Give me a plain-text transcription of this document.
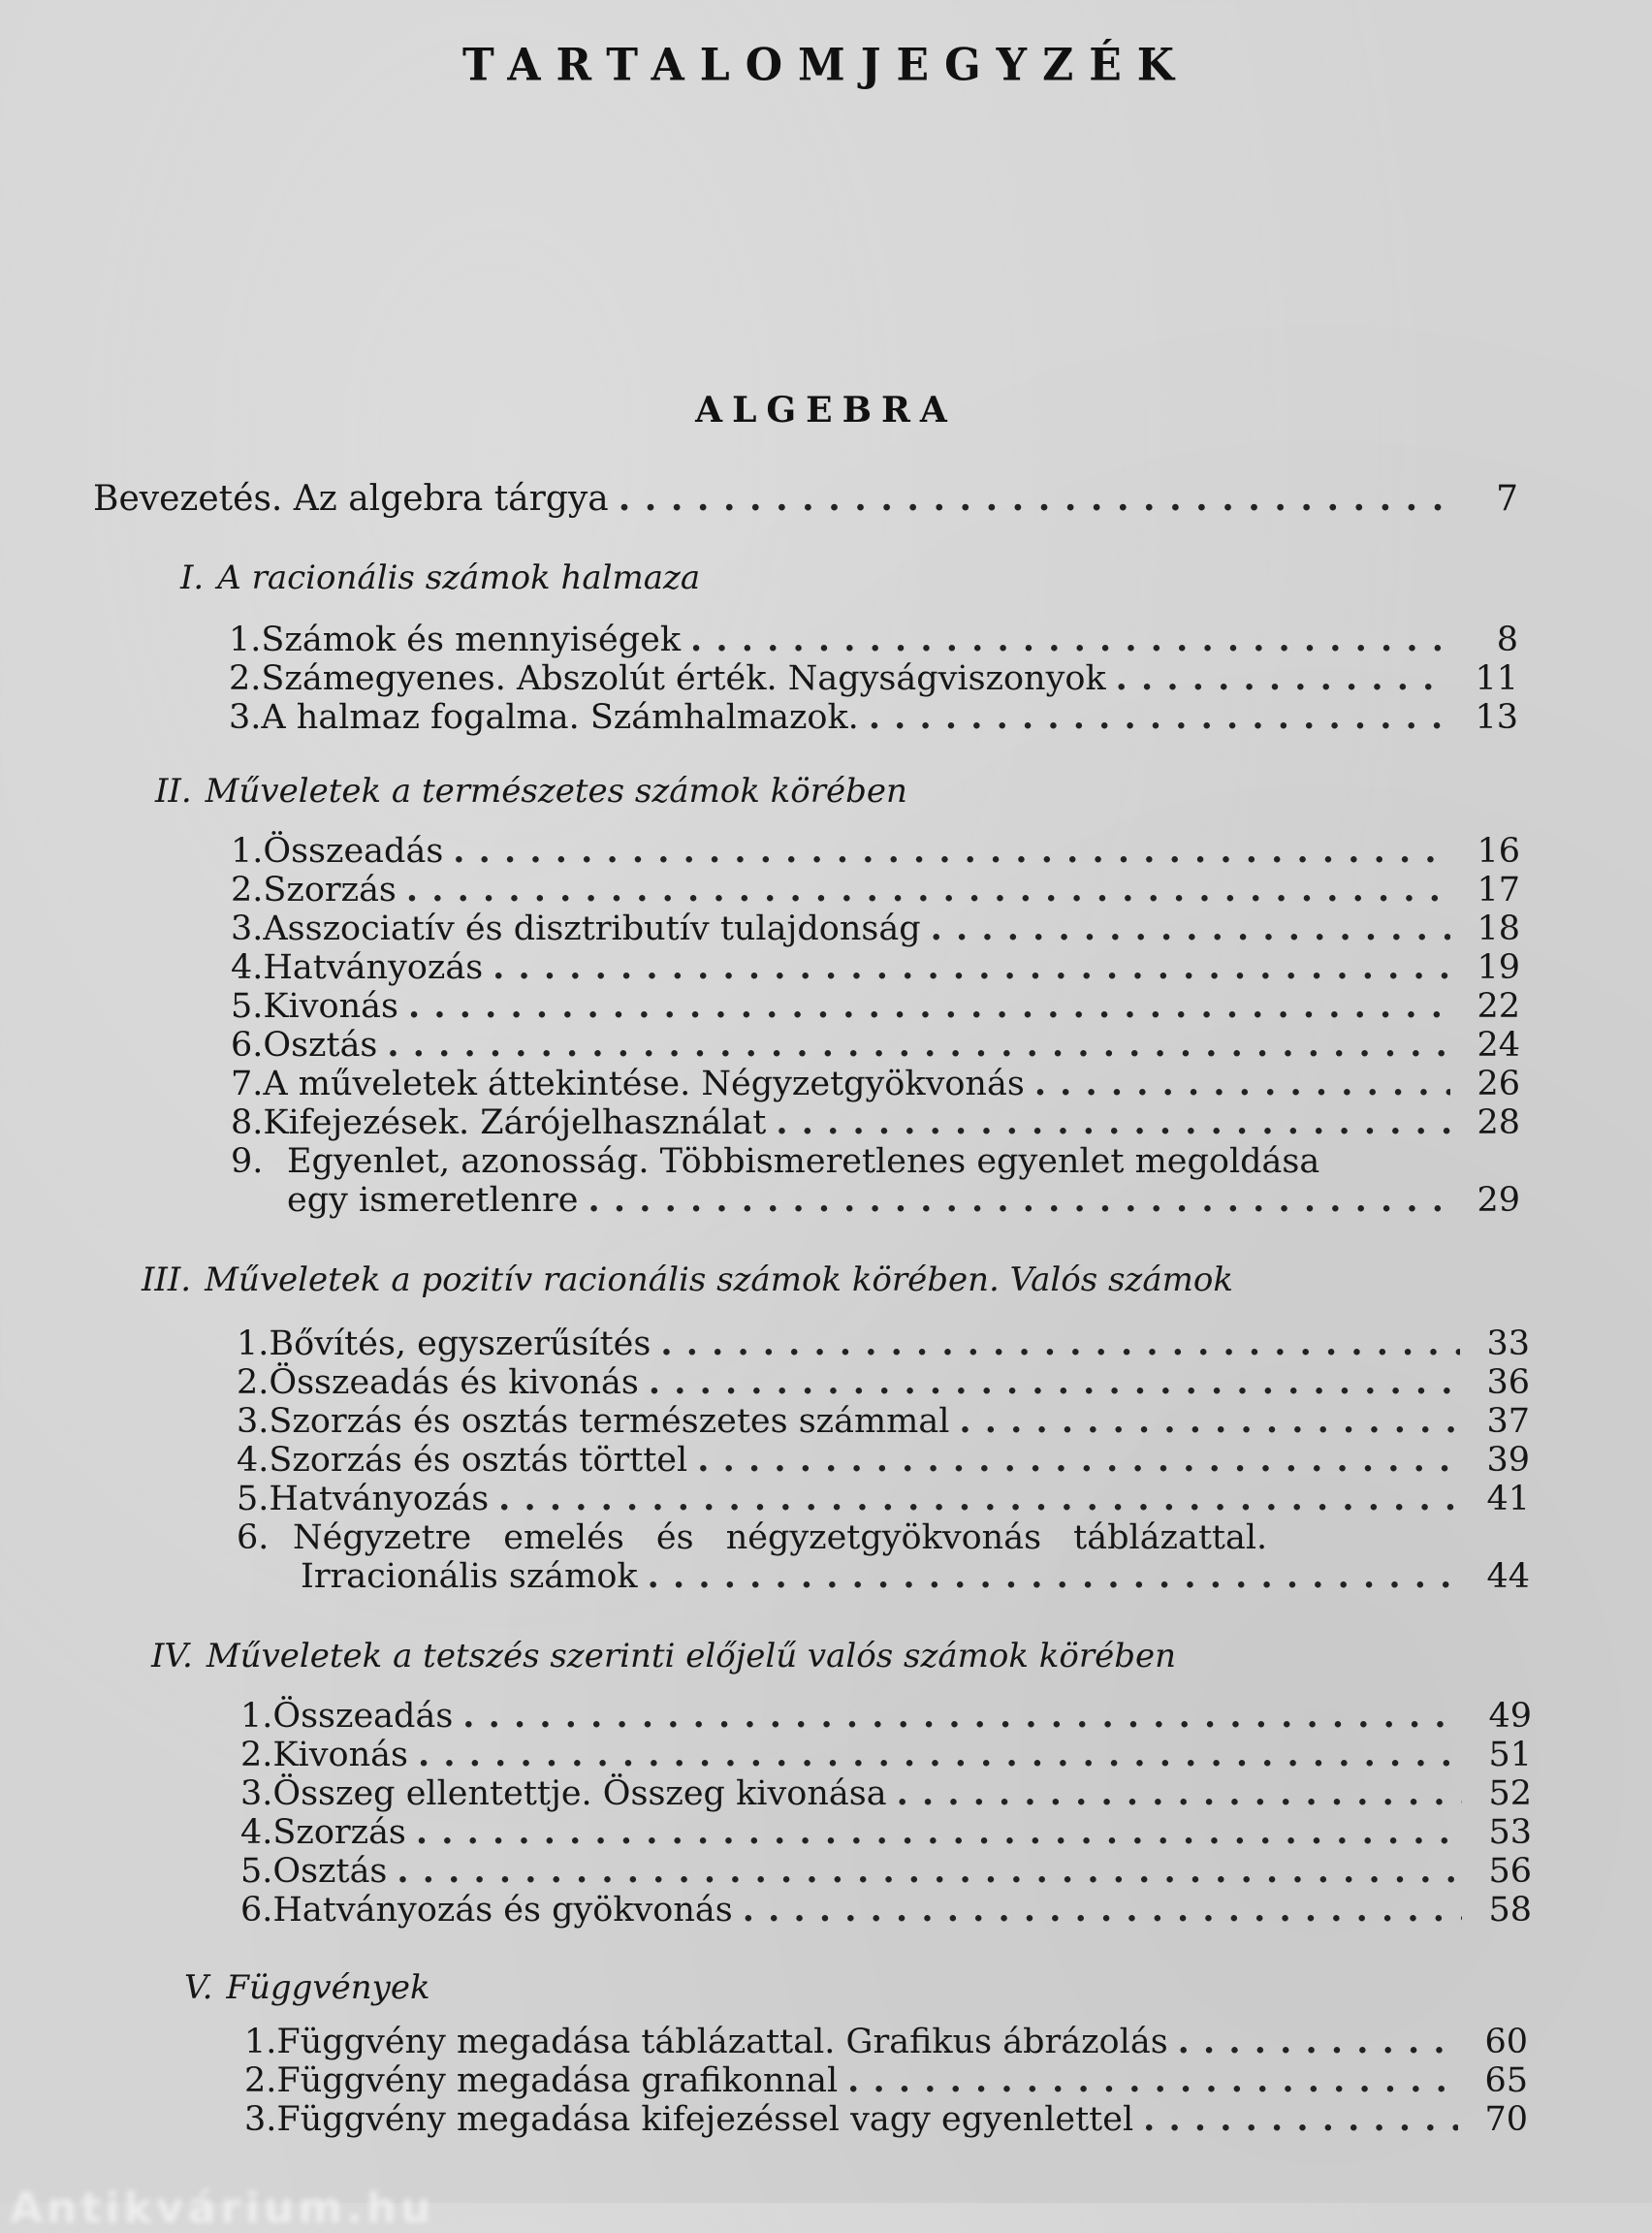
TARTALOMJEGYZÉK
ALGEBRA
Bevezetés. Az algebra tárgya . . .	7
I. A racionális számok halmaza
1. Számok és mennyiségek . . .	8
2. Számegyenes. Abszolút érték. Nagyságviszonyok . . .	11
3. A halmaz fogalma. Számhalmazok. . . .	13
II. Műveletek a természetes számok körében
1. Összeadás . . .	16
2. Szorzás . . .	17
3. Asszociatív és disztributív tulajdonság . . .	18
4. Hatványozás . . .	19
5. Kivonás . . .	22
6. Osztás . . .	24
7. A műveletek áttekintése. Négyzetgyökvonás . . .	26
8. Kifejezések. Zárójelhasználat . . .	28
9. Egyenlet, azonosság. Többismeretlenes egyenlet megoldása
egy ismeretlenre . . .	29
III. Műveletek a pozitív racionális számok körében. Valós számok
1. Bővítés, egyszerűsítés . . .	33
2. Összeadás és kivonás . . .	36
3. Szorzás és osztás természetes számmal . . .	37
4. Szorzás és osztás törttel . . .	39
5. Hatványozás . . .	41
6. Négyzetre emelés és négyzetgyökvonás táblázattal.
Irracionális számok . . .	44
IV. Műveletek a tetszés szerinti előjelű valós számok körében
1. Összeadás . . .	49
2. Kivonás . . .	51
3. Összeg ellentettje. Összeg kivonása . . .	52
4. Szorzás . . .	53
5. Osztás . . .	56
6. Hatványozás és gyökvonás . . .	58
V. Függvények
1. Függvény megadása táblázattal. Grafikus ábrázolás . . .	60
2. Függvény megadása grafikonnal . . .	65
3. Függvény megadása kifejezéssel vagy egyenlettel . . .	70
Antikvárium.hu
